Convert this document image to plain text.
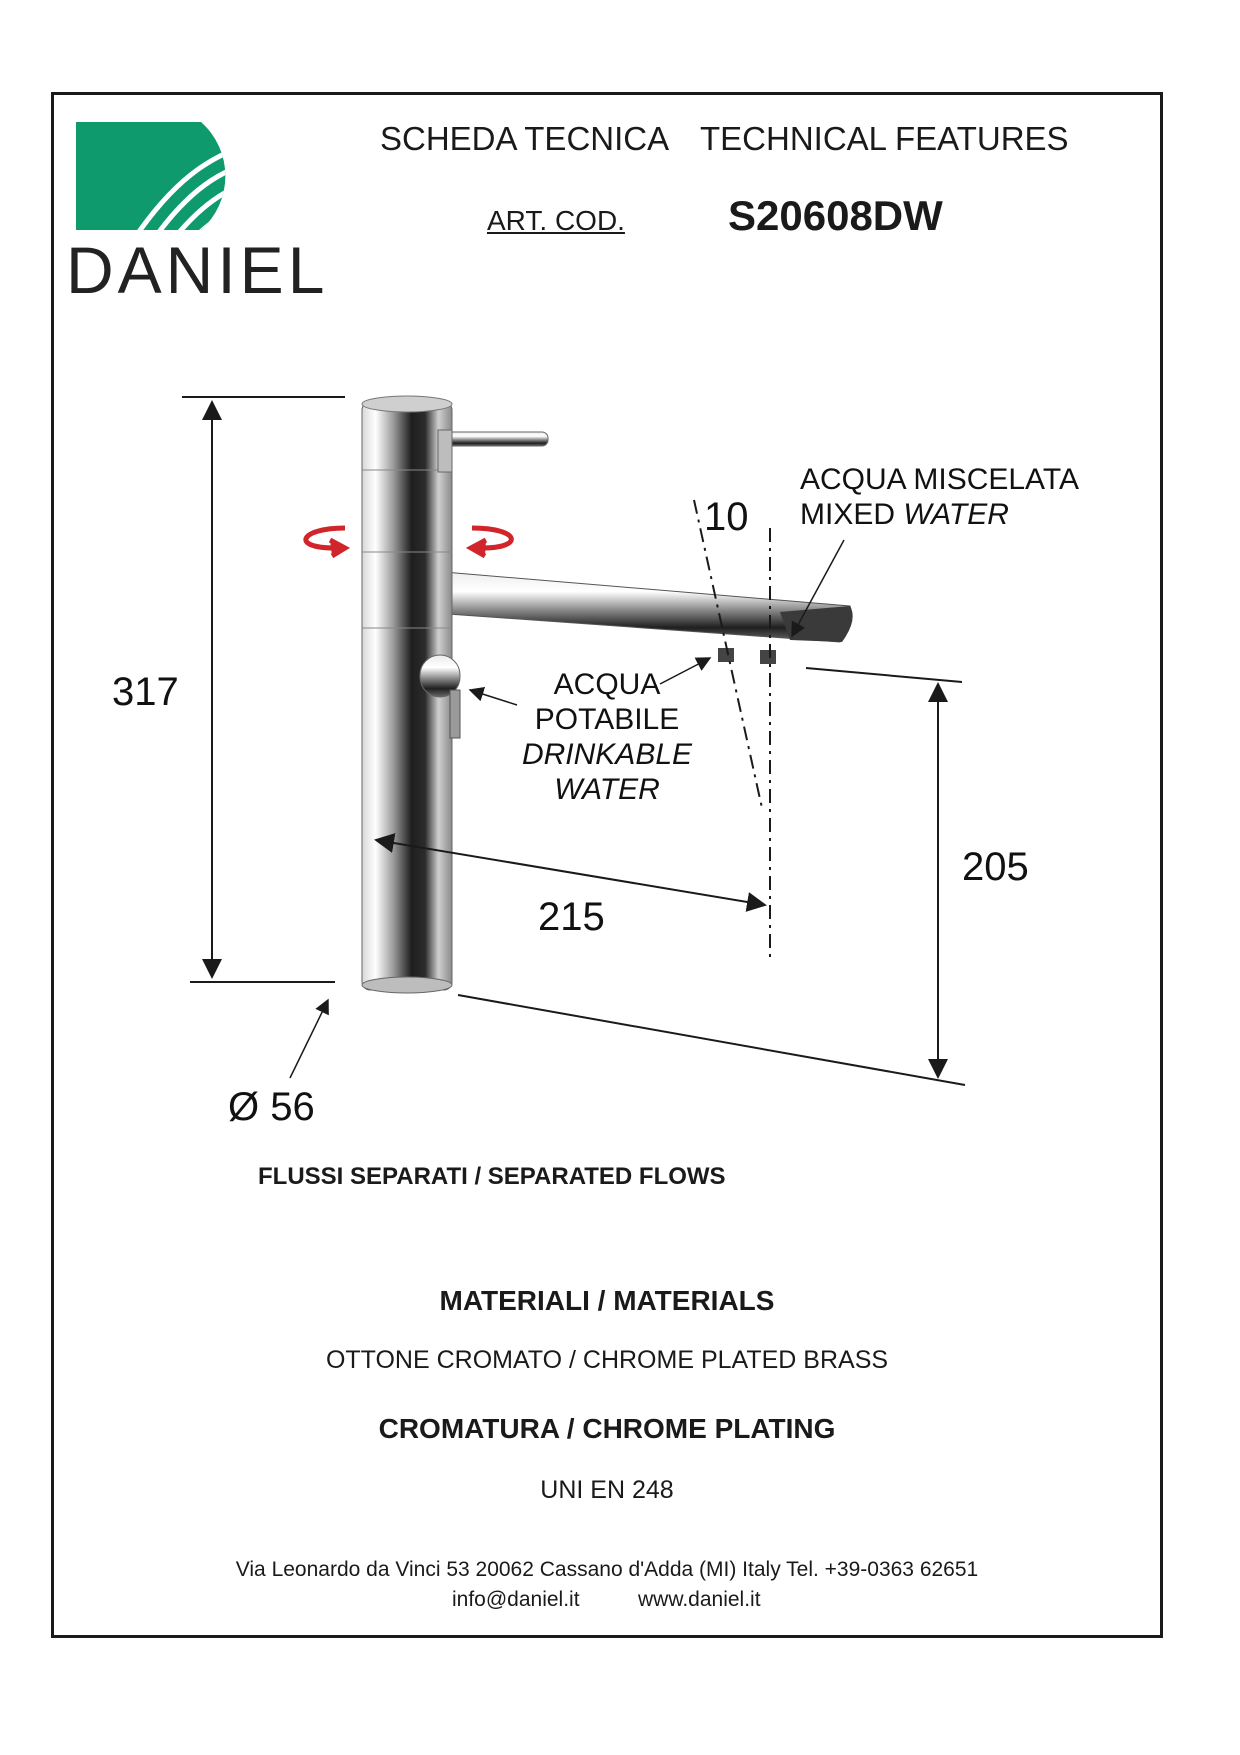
DANIEL
SCHEDA TECNICA TECHNICAL FEATURES
ART. COD. S20608DW
317
205
215
10
Ø 56
ACQUA MISCELATA
MIXED WATER
ACQUA
POTABILE
DRINKABLE
WATER
FLUSSI SEPARATI / SEPARATED FLOWS
MATERIALI / MATERIALS
OTTONE CROMATO / CHROME PLATED BRASS
CROMATURA / CHROME PLATING
UNI EN 248
Via Leonardo da Vinci 53 20062 Cassano d'Adda (MI) Italy Tel. +39-0363 62651
info@daniel.it	www.daniel.it
